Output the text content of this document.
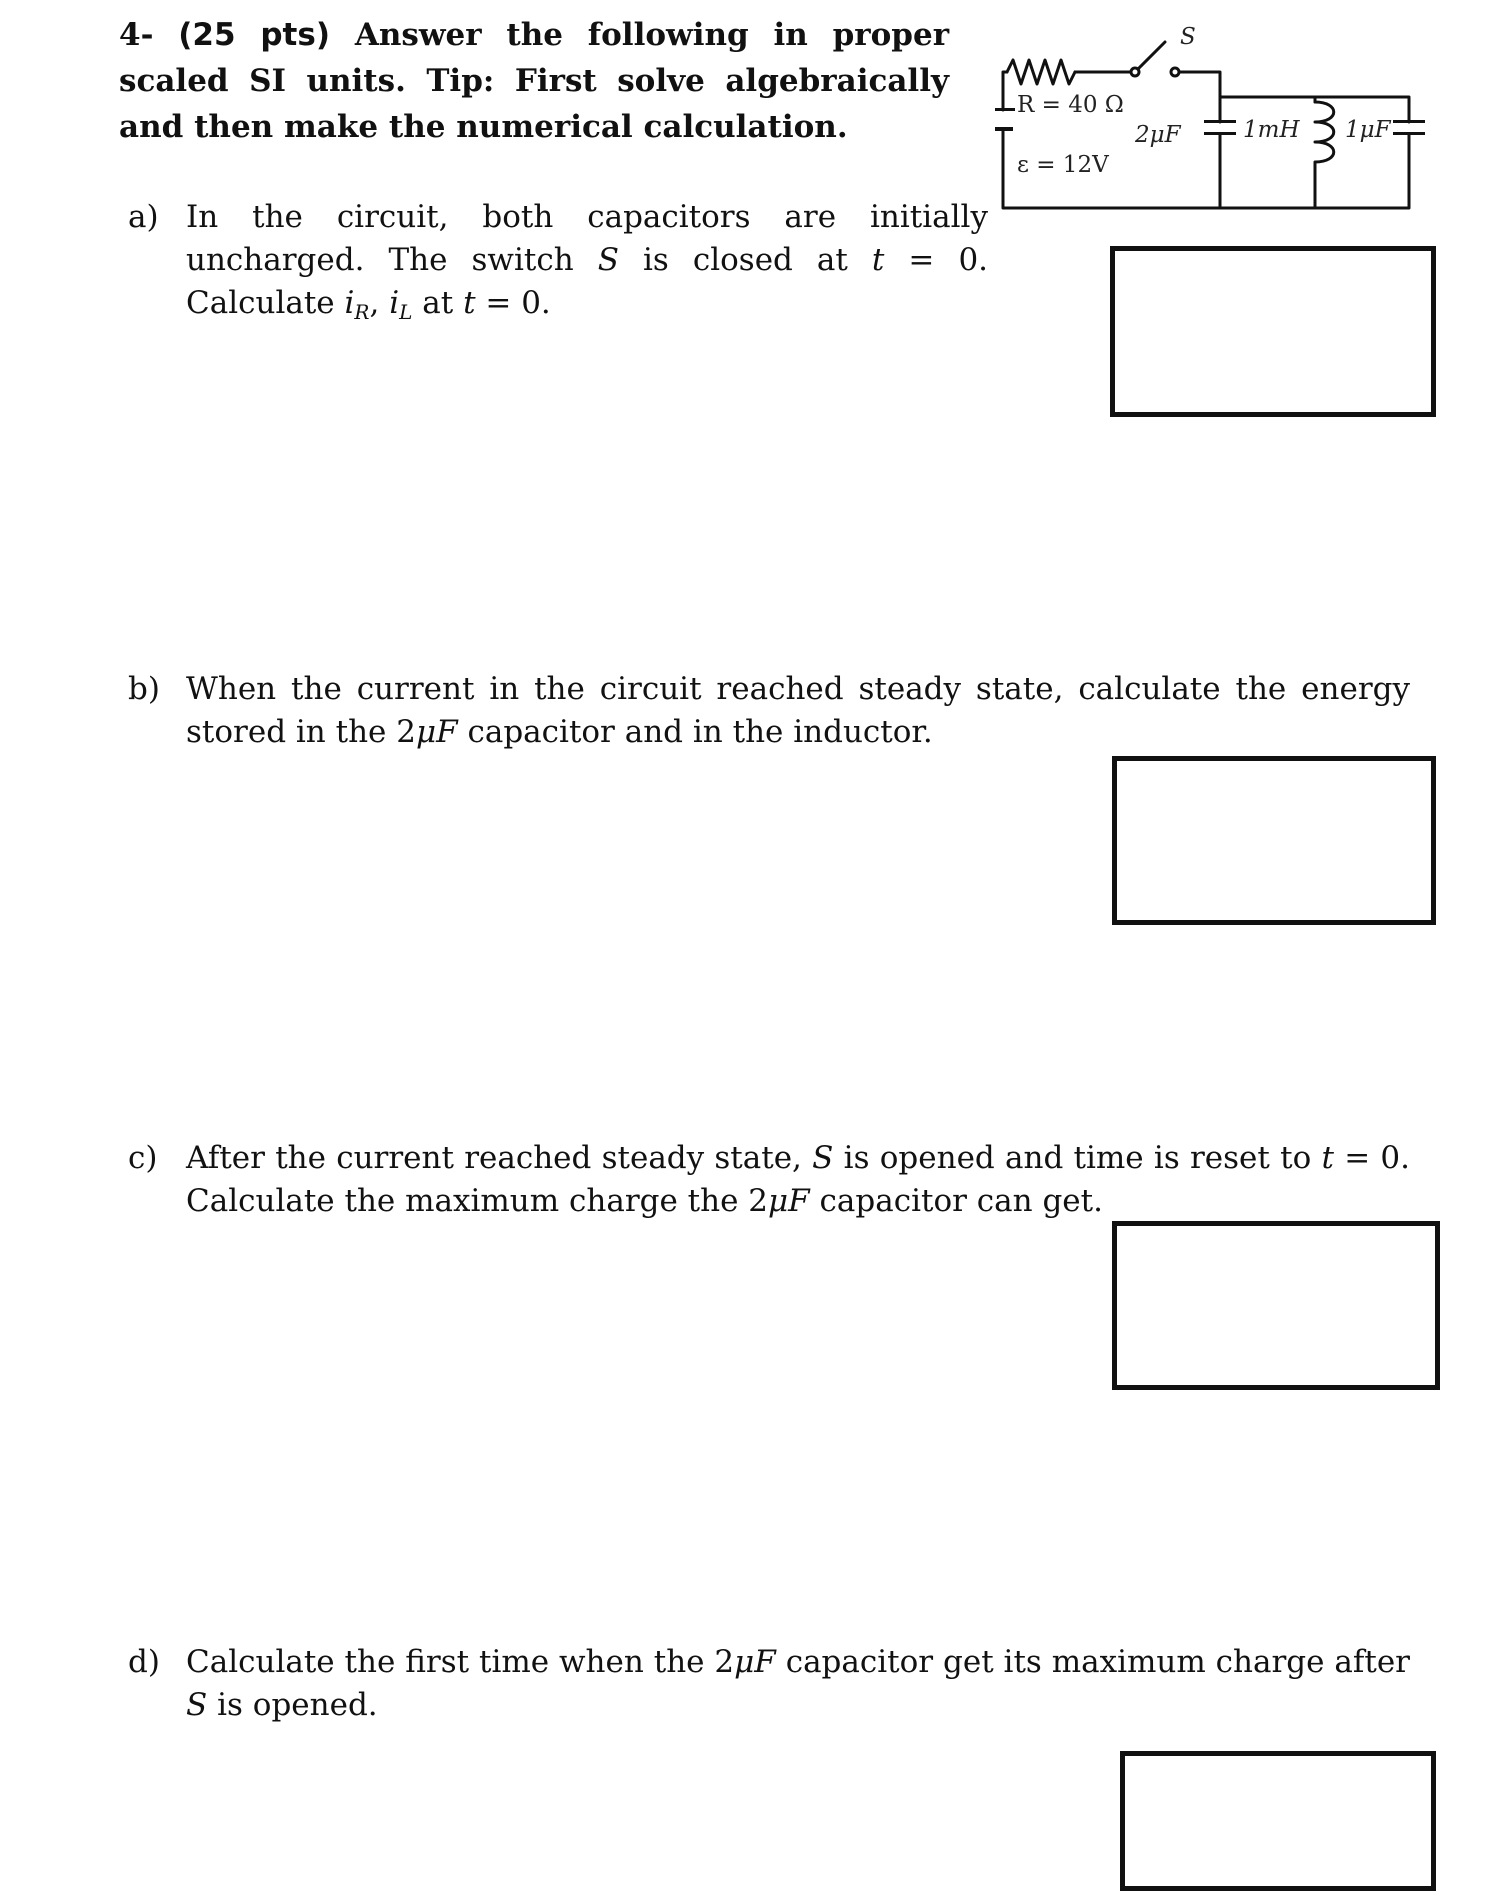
4- (25 pts) Answer the following in proper scaled SI units. Tip: First solve algebraically and then make the numerical calculation.
R = 40 Ω
S
ε = 12V
2μF	1mH 1μF
a) In the circuit, both capacitors are initially uncharged. The switch S is closed at t = 0. Calculate $i_R$, $i_L$ at t = 0.
b) When the current in the circuit reached steady state, calculate the energy stored in the 2μF capacitor and in the inductor.
c) After the current reached steady state, S is opened and time is reset to t = 0. Calculate the maximum charge the 2μF capacitor can get.
d) Calculate the first time when the 2μF capacitor get its maximum charge after S is opened.
